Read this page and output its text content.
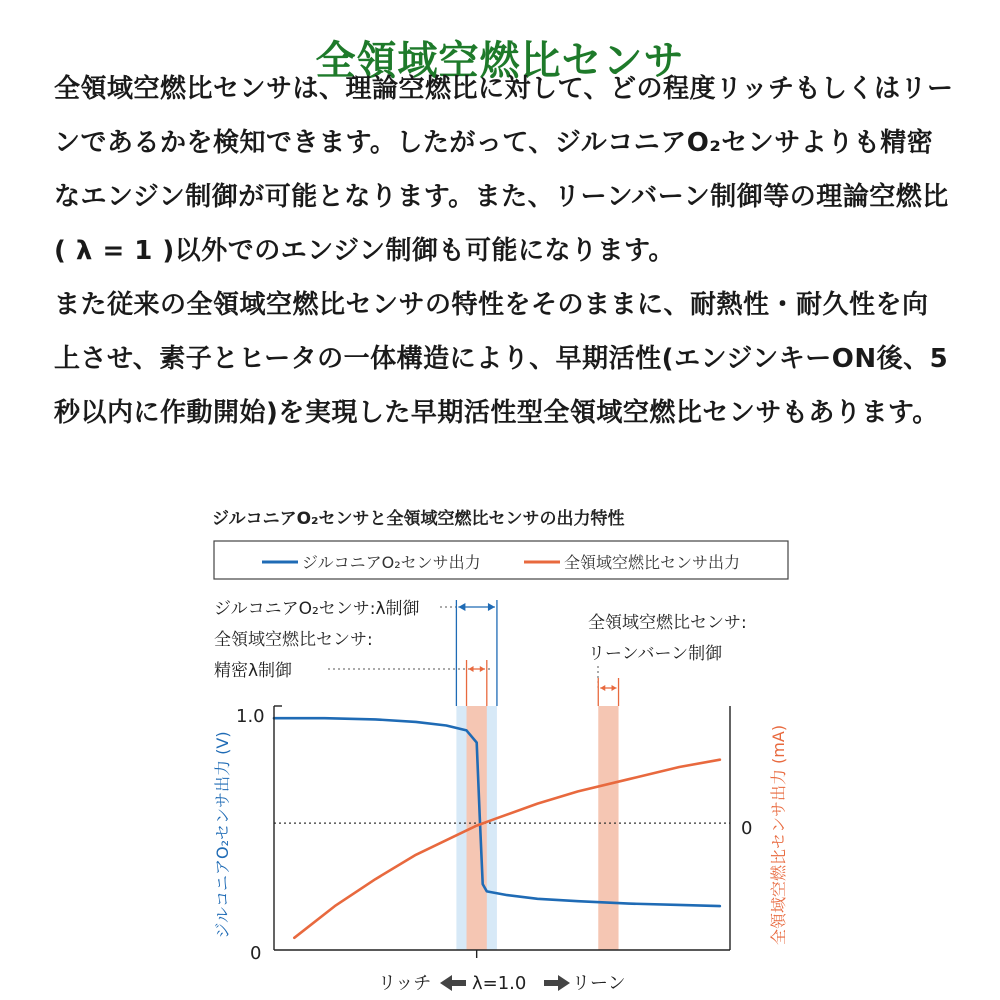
全領域空燃比センサ

全領域空燃比センサは、理論空燃比に対して、どの程度リッチもしくはリーンであるかを検知できます。したがって、ジルコニアO₂センサよりも精密なエンジン制御が可能となります。また、リーンバーン制御等の理論空燃比( λ = 1 )以外でのエンジン制御も可能になります。

また従来の全領域空燃比センサの特性をそのままに、耐熱性・耐久性を向上させ、素子とヒータの一体構造により、早期活性(エンジンキーON後、5秒以内に作動開始)を実現した早期活性型全領域空燃比センサもあります。

ジルコニアO₂センサと全領域空燃比センサの出力特性
ジルコニアO₂センサ出力	全領域空燃比センサ出力
ジルコニアO₂センサ:λ制御
全領域空燃比センサ:
精密λ制御
全領域空燃比センサ:
リーンバーン制御
1.0
0
0
ジルコニアO₂センサ出力 (V)	全領域空燃比センサ出力 (mA)
リッチ λ=1.0	リーン
